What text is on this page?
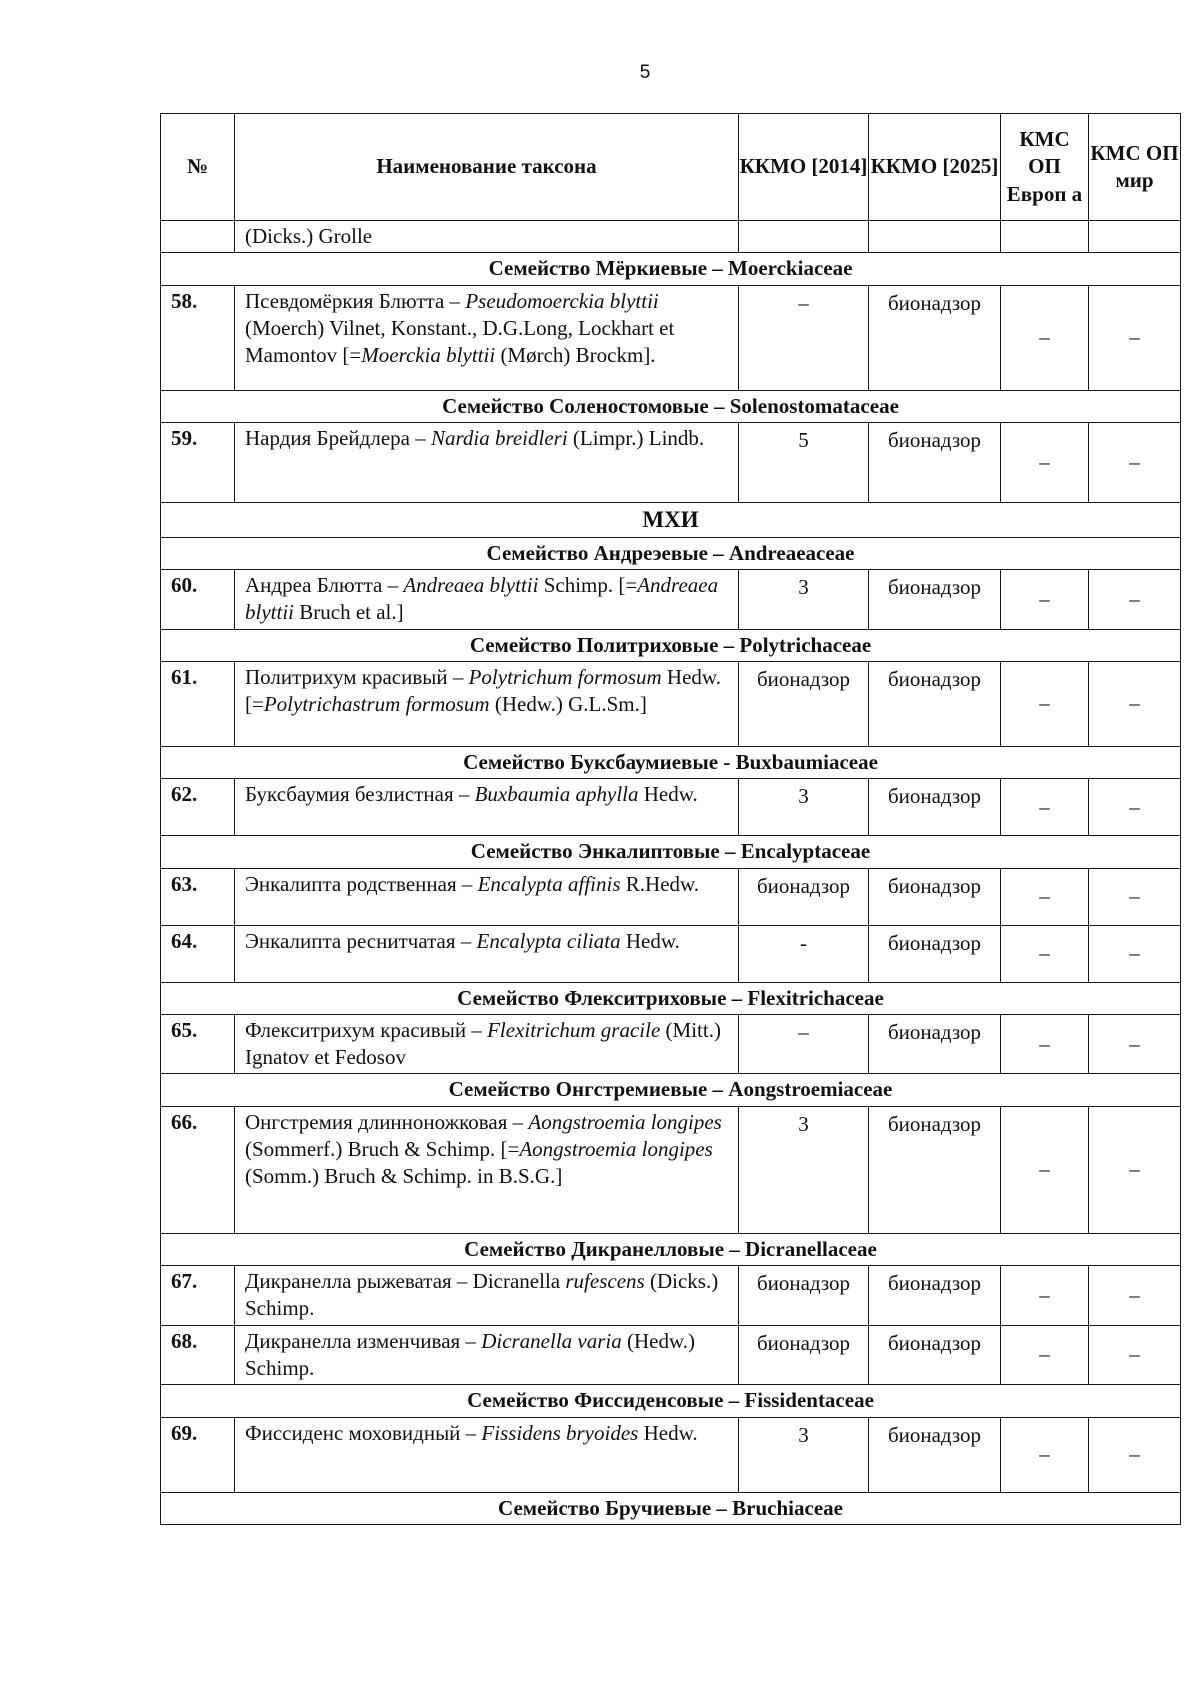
5
№	Наименование таксона	ККМО [2014]	ККМО [2025]	КМС ОП Европ а	КМС ОП мир
	(Dicks.) Grolle				
Семейство Мёркиевые – Moerckiaceae					
58.	Псевдомёркия Блютта – Pseudomoerckia blyttii (Moerch) Vilnet, Konstant., D.G.Long, Lockhart et Mamontov [=Moerckia blyttii (Mørch) Brockm].	–	бионадзор	–	–
Семейство Соленостомовые – Solenostomataceae					
59.	Нардия Брейдлера – Nardia breidleri (Limpr.) Lindb.	5	бионадзор	–	–
МХИ					
Семейство Андреэевые – Andreaeaceae					
60.	Андреа Блютта – Andreaea blyttii Schimp. [=Andreaea blyttii Bruch et al.]	3	бионадзор	–	–
Семейство Политриховые – Polytrichaceae					
61.	Политрихум красивый – Polytrichum formosum Hedw. [=Polytrichastrum formosum (Hedw.) G.L.Sm.]	бионадзор	бионадзор	–	–
Семейство Буксбаумиевые - Buxbaumiaceae					
62.	Буксбаумия безлистная – Buxbaumia aphylla Hedw.	3	бионадзор	–	–
Семейство Энкалиптовые – Encalyptaceae					
63.	Энкалипта родственная – Encalypta affinis R.Hedw.	бионадзор	бионадзор	–	–
64.	Энкалипта реснитчатая – Encalypta ciliata Hedw.	-	бионадзор	–	–
Семейство Флекситриховые – Flexitrichaceae					
65.	Флекситрихум красивый – Flexitrichum gracile (Mitt.) Ignatov et Fedosov	–	бионадзор	–	–
Семейство Онгстремиевые – Aongstroemiaceae					
66.	Онгстремия длинноножковая – Aongstroemia longipes (Sommerf.) Bruch & Schimp. [=Aongstroemia longipes (Somm.) Bruch & Schimp. in B.S.G.]	3	бионадзор	–	–
Семейство Дикранелловые – Dicranellaceae					
67.	Дикранелла рыжеватая – Dicranella rufescens (Dicks.) Schimp.	бионадзор	бионадзор	–	–
68.	Дикранелла изменчивая – Dicranella varia (Hedw.) Schimp.	бионадзор	бионадзор	–	–
Семейство Фиссиденсовые – Fissidentaceae					
69.	Фиссиденс моховидный – Fissidens bryoides Hedw.	3	бионадзор	–	–
Семейство Бручиевые – Bruchiaceae					
